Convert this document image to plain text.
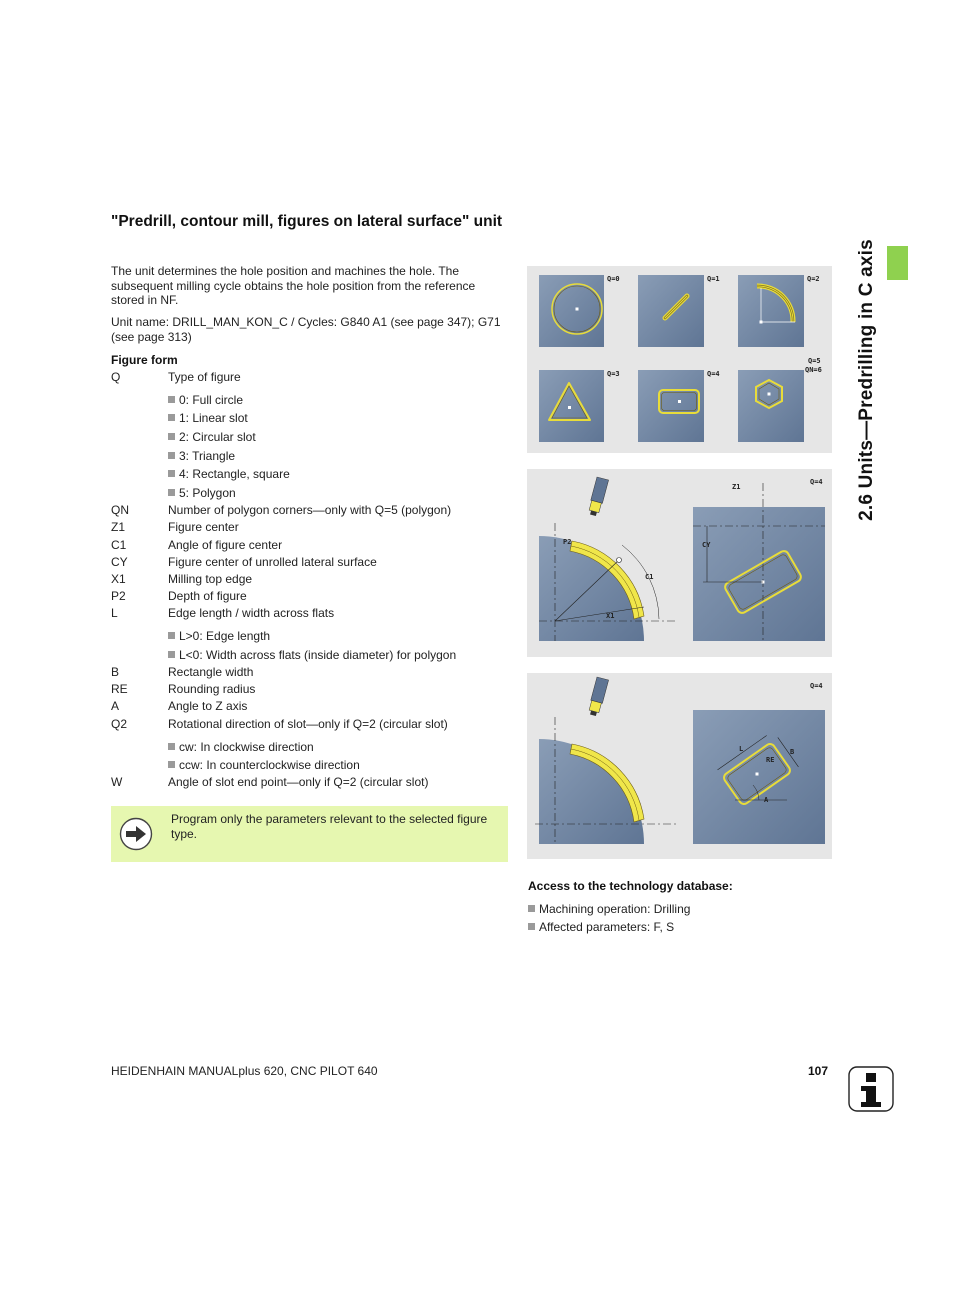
2.6 Units—Predrilling in C axis
"Predrill, contour mill, figures on lateral surface" unit
The unit determines the hole position and machines the hole. The subsequent milling cycle obtains the hole position from the reference stored in NF.
Unit name: DRILL_MAN_KON_C / Cycles: G840 A1 (see page 347); G71 (see page 313)
Figure form
Q	Type of figure
0: Full circle
1: Linear slot
2: Circular slot
3: Triangle
4: Rectangle, square
5: Polygon
QN	Number of polygon corners—only with Q=5 (polygon)
Z1	Figure center
C1	Angle of figure center
CY	Figure center of unrolled lateral surface
X1	Milling top edge
P2	Depth of figure
L	Edge length / width across flats
L>0: Edge length
L<0: Width across flats (inside diameter) for polygon
B	Rectangle width
RE	Rounding radius
A	Angle to Z axis
Q2	Rotational direction of slot—only if Q=2 (circular slot)
cw: In clockwise direction
ccw: In counterclockwise direction
W	Angle of slot end point—only if Q=2 (circular slot)
Program only the parameters relevant to the selected figure type.
Q=0	Q=1	Q=2
Q=3	Q=4
Q=5
QN=6
Q=4
Z1
P2
C1
X1
CY
Q=4
L	B
RE
A
Access to the technology database:
Machining operation: Drilling
Affected parameters: F, S
HEIDENHAIN MANUALplus 620, CNC PILOT 640	107
